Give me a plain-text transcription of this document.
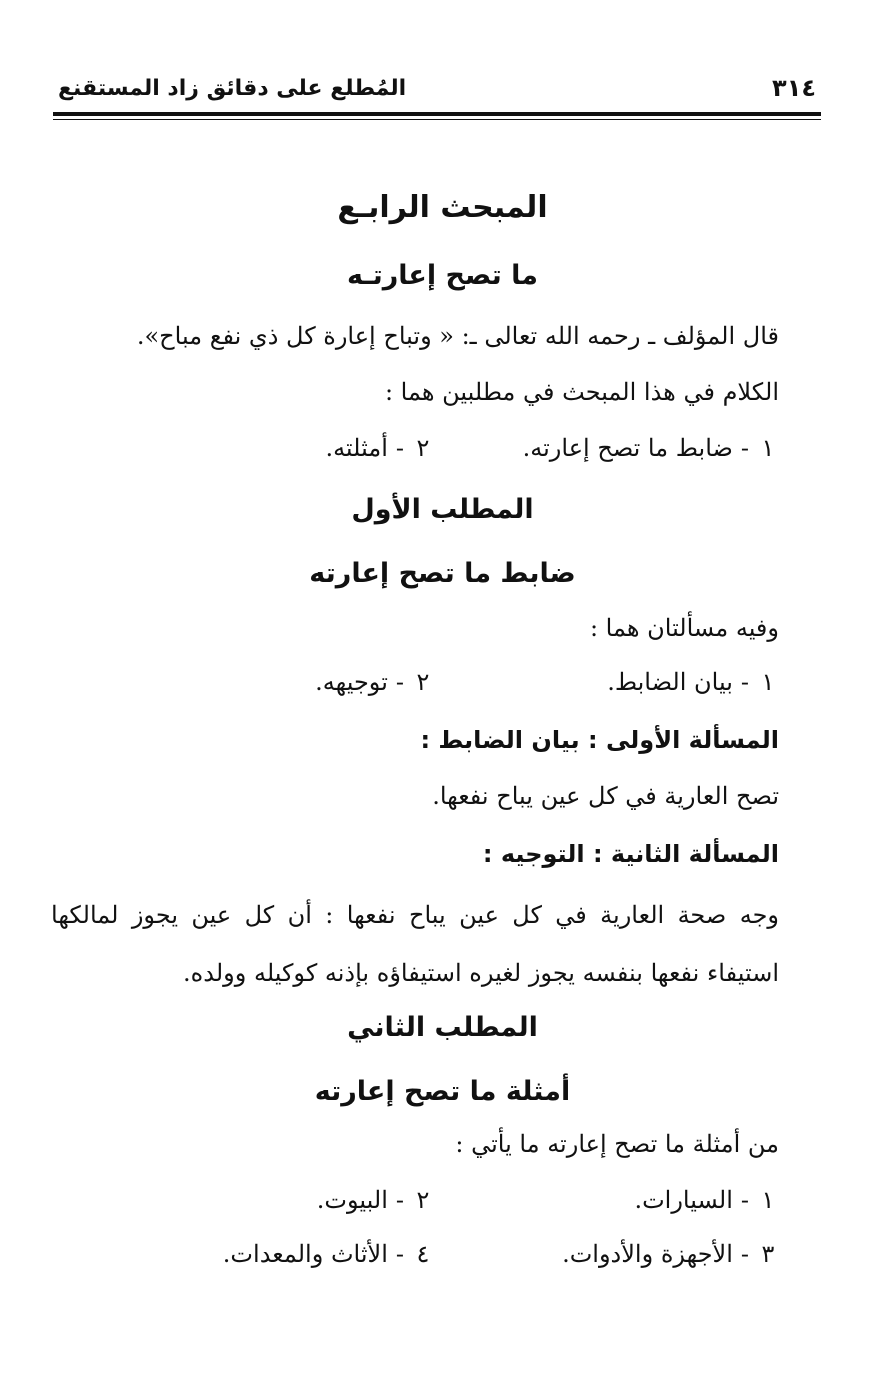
٣١٤
المُطلع على دقائق زاد المستقنع
المبحث الرابـع
ما تصح إعارتـه
قال المؤلف ـ رحمه الله تعالى ـ: « وتباح إعارة كل ذي نفع مباح».
الكلام في هذا المبحث في مطلبين هما :
١-ضابط ما تصح إعارته.
٢-أمثلته.
المطلب الأول
ضابط ما تصح إعارته
وفيه مسألتان هما :
١-بيان الضابط.
٢-توجيهه.
المسألة الأولى : بيان الضابط :
تصح العارية في كل عين يباح نفعها.
المسألة الثانية : التوجيه :
وجه صحة العارية في كل عين يباح نفعها : أن كل عين يجوز لمالكها استيفاء نفعها بنفسه يجوز لغيره استيفاؤه بإذنه كوكيله وولده.
المطلب الثاني
أمثلة ما تصح إعارته
من أمثلة ما تصح إعارته ما يأتي :
١-السيارات.
٢-البيوت.
٣-الأجهزة والأدوات.
٤-الأثاث والمعدات.
